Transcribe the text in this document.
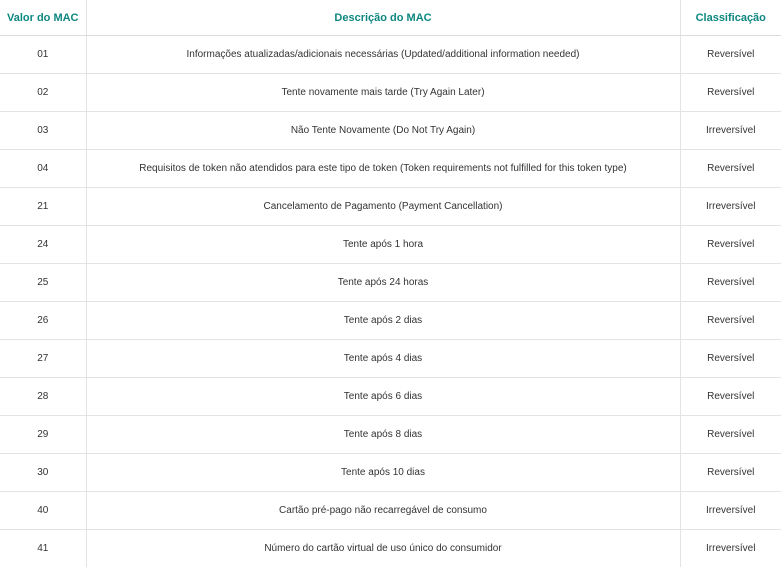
Valor do MAC	Descrição do MAC	Classificação
01	Informações atualizadas/adicionais necessárias (Updated/additional information needed)	Reversível
02	Tente novamente mais tarde (Try Again Later)	Reversível
03	Não Tente Novamente (Do Not Try Again)	Irreversível
04	Requisitos de token não atendidos para este tipo de token (Token requirements not fulfilled for this token type)	Reversível
21	Cancelamento de Pagamento (Payment Cancellation)	Irreversível
24	Tente após 1 hora	Reversível
25	Tente após 24 horas	Reversível
26	Tente após 2 dias	Reversível
27	Tente após 4 dias	Reversível
28	Tente após 6 dias	Reversível
29	Tente após 8 dias	Reversível
30	Tente após 10 dias	Reversível
40	Cartão pré-pago não recarregável de consumo	Irreversível
41	Número do cartão virtual de uso único do consumidor	Irreversível
